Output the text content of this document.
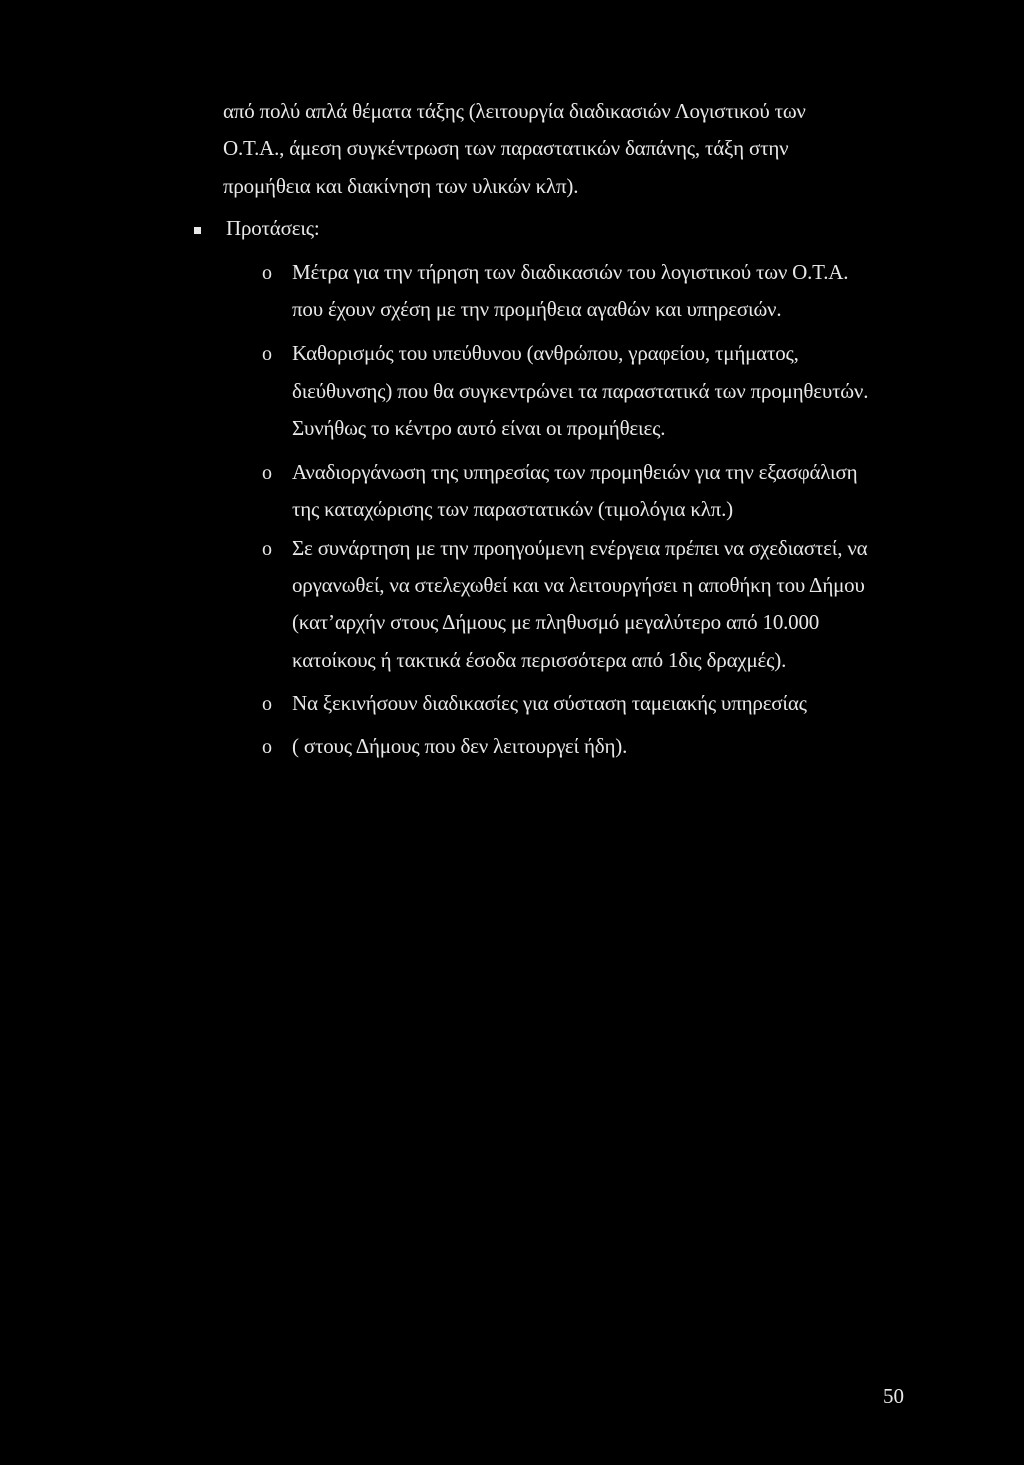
από πολύ απλά θέματα τάξης (λειτουργία διαδικασιών Λογιστικού των
Ο.Τ.Α., άμεση συγκέντρωση των παραστατικών δαπάνης, τάξη στην
προμήθεια και διακίνηση των υλικών κλπ).
Προτάσεις:
o Μέτρα για την τήρηση των διαδικασιών του λογιστικού των Ο.Τ.Α.
που έχουν σχέση με την προμήθεια αγαθών και υπηρεσιών.
o Καθορισμός του υπεύθυνου (ανθρώπου, γραφείου, τμήματος,
διεύθυνσης) που θα συγκεντρώνει τα παραστατικά των προμηθευτών.
Συνήθως το κέντρο αυτό είναι οι προμήθειες.
o Αναδιοργάνωση της υπηρεσίας των προμηθειών για την εξασφάλιση
της καταχώρισης των παραστατικών (τιμολόγια κλπ.)
o Σε συνάρτηση με την προηγούμενη ενέργεια πρέπει να σχεδιαστεί, να
οργανωθεί, να στελεχωθεί και να λειτουργήσει η αποθήκη του Δήμου
(κατ’αρχήν στους Δήμους με πληθυσμό μεγαλύτερο από 10.000
κατοίκους ή τακτικά έσοδα περισσότερα από 1δις δραχμές).
o Να ξεκινήσουν διαδικασίες για σύσταση ταμειακής υπηρεσίας
o ( στους Δήμους που δεν λειτουργεί ήδη).
50
